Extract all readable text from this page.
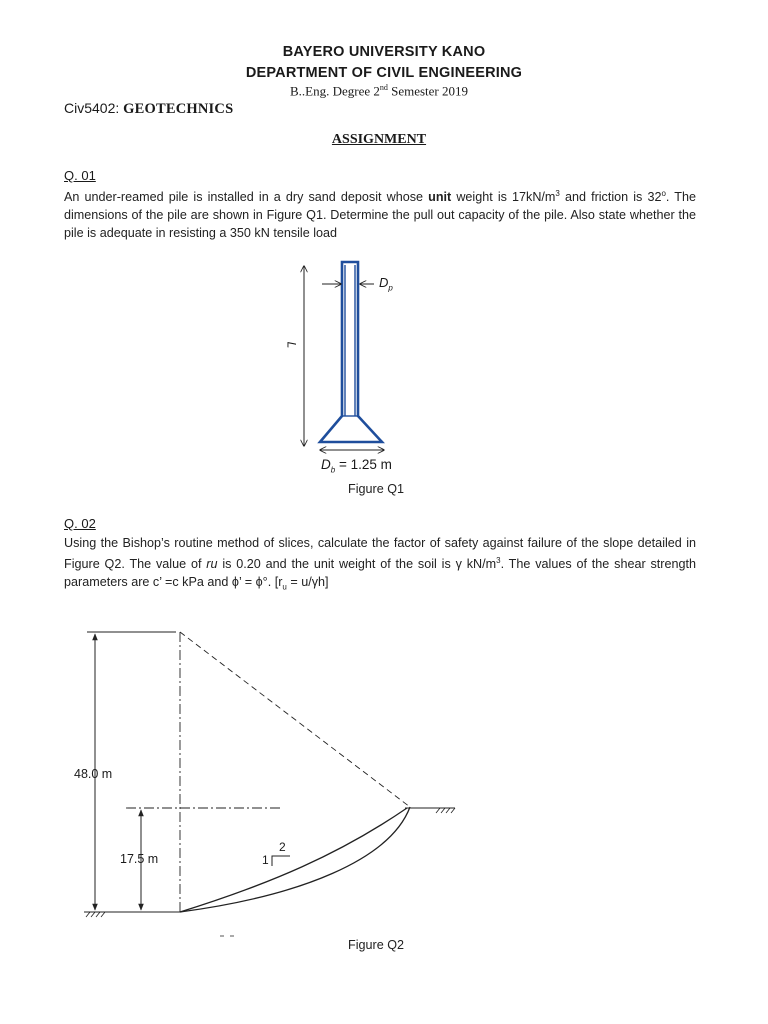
BAYERO UNIVERSITY KANO
DEPARTMENT OF CIVIL ENGINEERING
B..Eng. Degree 2nd Semester 2019
Civ5402: GEOTECHNICS
ASSIGNMENT
Q. 01
An under-reamed pile is installed in a dry sand deposit whose unit weight is $17kN/m^3$ and friction is 32$^o$. The dimensions of the pile are shown in Figure Q1. Determine the pull out capacity of the pile. Also state whether the pile is adequate in resisting a 350 kN tensile load
L
$D_p$
$D_b = 1.25$ m
Figure Q1
Q. 02
Using the Bishop’s routine method of slices, calculate the factor of safety against failure of the slope detailed in Figure Q2. The value of ru is 0.20 and the unit weight of the soil is γ $kN/m^3$. The values of the shear strength parameters are c’ =c kPa and ϕ’ = ϕ°. $[r_u = u/\gamma h]$
48.0 m
17.5 m
2
1
Figure Q2
